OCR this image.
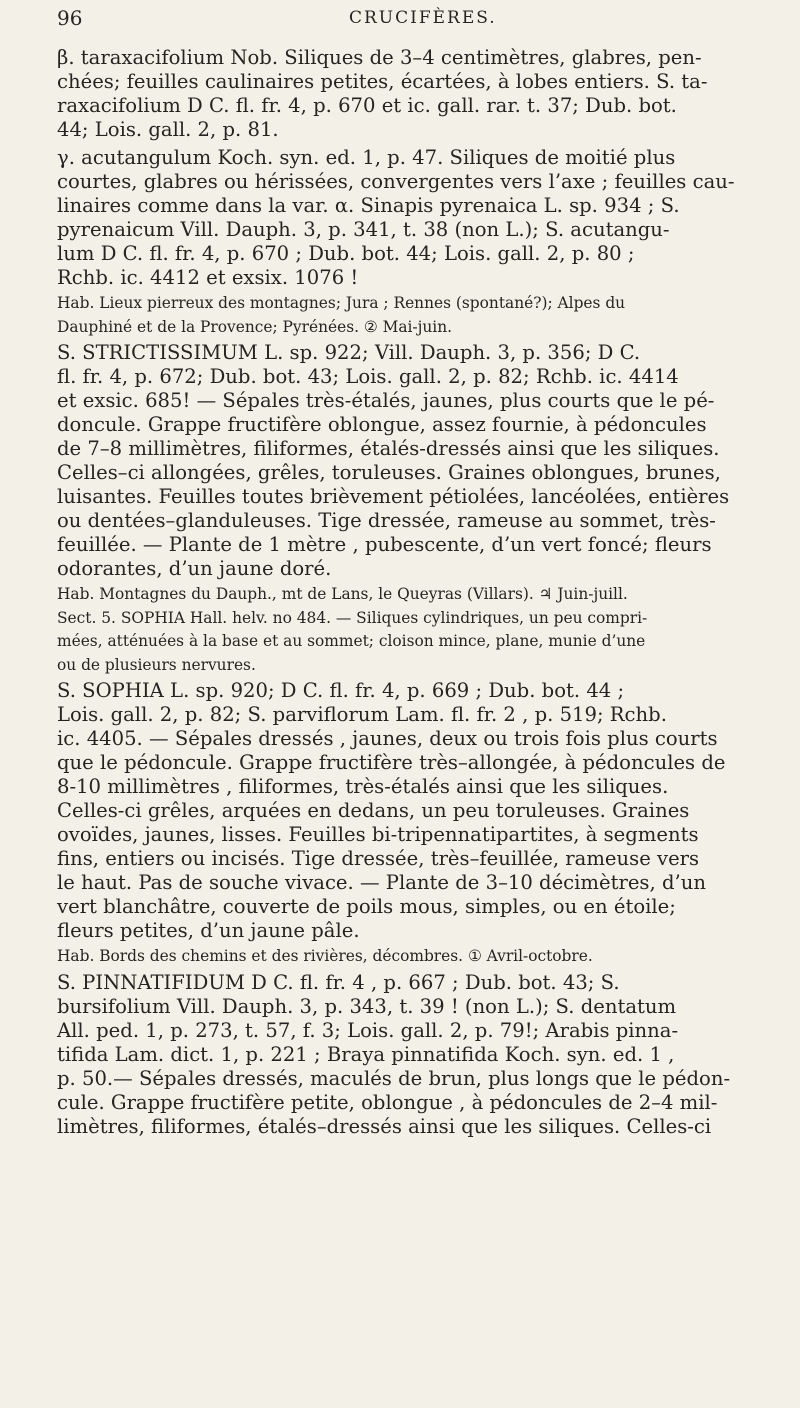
96	CRUCIFÈRES.

β. taraxacifolium Nob. Siliques de 3–4 centimètres, glabres, pen-

chées; feuilles caulinaires petites, écartées, à lobes entiers. S. ta-

raxacifolium D C. fl. fr. 4, p. 670 et ic. gall. rar. t. 37; Dub. bot.

44; Lois. gall. 2, p. 81.

γ. acutangulum Koch. syn. ed. 1, p. 47. Siliques de moitié plus

courtes, glabres ou hérissées, convergentes vers l’axe ; feuilles cau-

linaires comme dans la var. α. Sinapis pyrenaica L. sp. 934 ; S.

pyrenaicum Vill. Dauph. 3, p. 341, t. 38 (non L.); S. acutangu-

lum D C. fl. fr. 4, p. 670 ; Dub. bot. 44; Lois. gall. 2, p. 80 ;

Rchb. ic. 4412 et exsix. 1076 !

Hab. Lieux pierreux des montagnes; Jura ; Rennes (spontané?); Alpes du

Dauphiné et de la Provence; Pyrénées. ② Mai-juin.

S. STRICTISSIMUM L. sp. 922; Vill. Dauph. 3, p. 356; D C.

fl. fr. 4, p. 672; Dub. bot. 43; Lois. gall. 2, p. 82; Rchb. ic. 4414

et exsic. 685! — Sépales très-étalés, jaunes, plus courts que le pé-

doncule. Grappe fructifère oblongue, assez fournie, à pédoncules

de 7–8 millimètres, filiformes, étalés-dressés ainsi que les siliques.

Celles–ci allongées, grêles, toruleuses. Graines oblongues, brunes,

luisantes. Feuilles toutes brièvement pétiolées, lancéolées, entières

ou dentées–glanduleuses. Tige dressée, rameuse au sommet, très-

feuillée. — Plante de 1 mètre , pubescente, d’un vert foncé; fleurs

odorantes, d’un jaune doré.

Hab. Montagnes du Dauph., mt de Lans, le Queyras (Villars). ♃ Juin-juill.

Sect. 5. SOPHIA Hall. helv. no 484. — Siliques cylindriques, un peu compri-

mées, atténuées à la base et au sommet; cloison mince, plane, munie d’une

ou de plusieurs nervures.

S. SOPHIA L. sp. 920; D C. fl. fr. 4, p. 669 ; Dub. bot. 44 ;

Lois. gall. 2, p. 82; S. parviflorum Lam. fl. fr. 2 , p. 519; Rchb.

ic. 4405. — Sépales dressés , jaunes, deux ou trois fois plus courts

que le pédoncule. Grappe fructifère très–allongée, à pédoncules de

8-10 millimètres , filiformes, très-étalés ainsi que les siliques.

Celles-ci grêles, arquées en dedans, un peu toruleuses. Graines

ovoïdes, jaunes, lisses. Feuilles bi-tripennatipartites, à segments

fins, entiers ou incisés. Tige dressée, très–feuillée, rameuse vers

le haut. Pas de souche vivace. — Plante de 3–10 décimètres, d’un

vert blanchâtre, couverte de poils mous, simples, ou en étoile;

fleurs petites, d’un jaune pâle.

Hab. Bords des chemins et des rivières, décombres. ① Avril-octobre.

S. PINNATIFIDUM D C. fl. fr. 4 , p. 667 ; Dub. bot. 43; S.

bursifolium Vill. Dauph. 3, p. 343, t. 39 ! (non L.); S. dentatum

All. ped. 1, p. 273, t. 57, f. 3; Lois. gall. 2, p. 79!; Arabis pinna-

tifida Lam. dict. 1, p. 221 ; Braya pinnatifida Koch. syn. ed. 1 ,

p. 50.— Sépales dressés, maculés de brun, plus longs que le pédon-

cule. Grappe fructifère petite, oblongue , à pédoncules de 2–4 mil-

limètres, filiformes, étalés–dressés ainsi que les siliques. Celles-ci
